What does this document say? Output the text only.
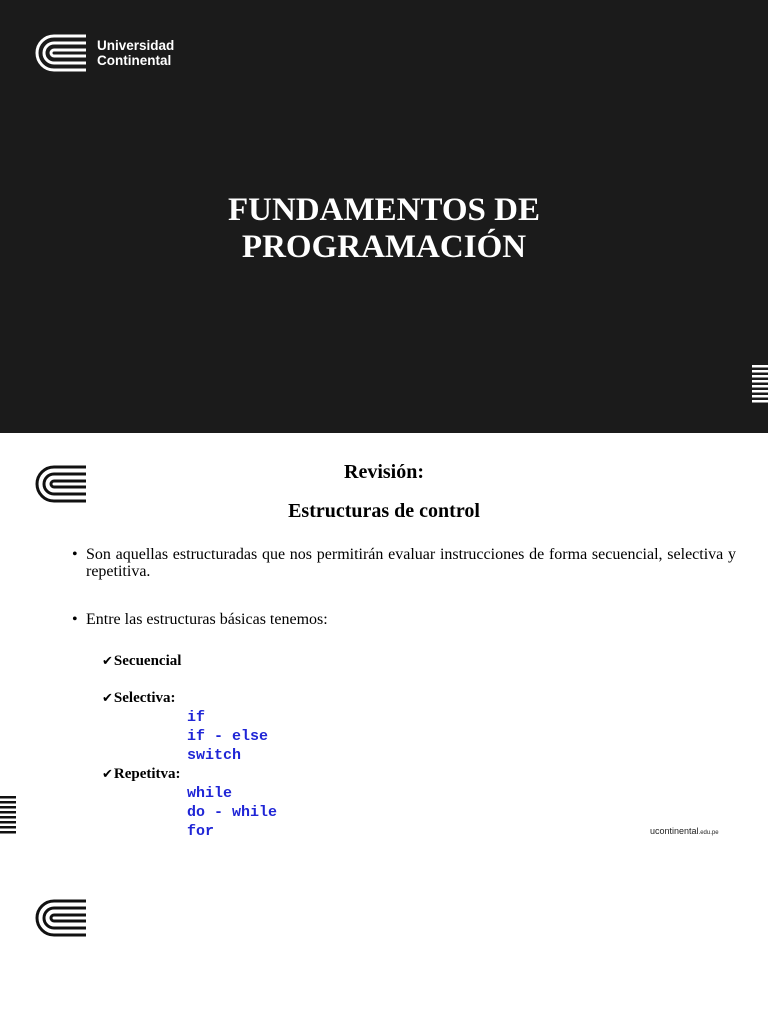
Universidad
Continental
FUNDAMENTOS DE
PROGRAMACIÓN
Revisión:
Estructuras de control
• Son aquellas estructuradas que nos permitirán evaluar instrucciones de forma secuencial, selectiva y repetitiva.
• Entre las estructuras básicas tenemos:
✔Secuencial
✔Selectiva:
if
if - else
switch
✔Repetitva:
while
do - while
for	ucontinental.edu.pe
